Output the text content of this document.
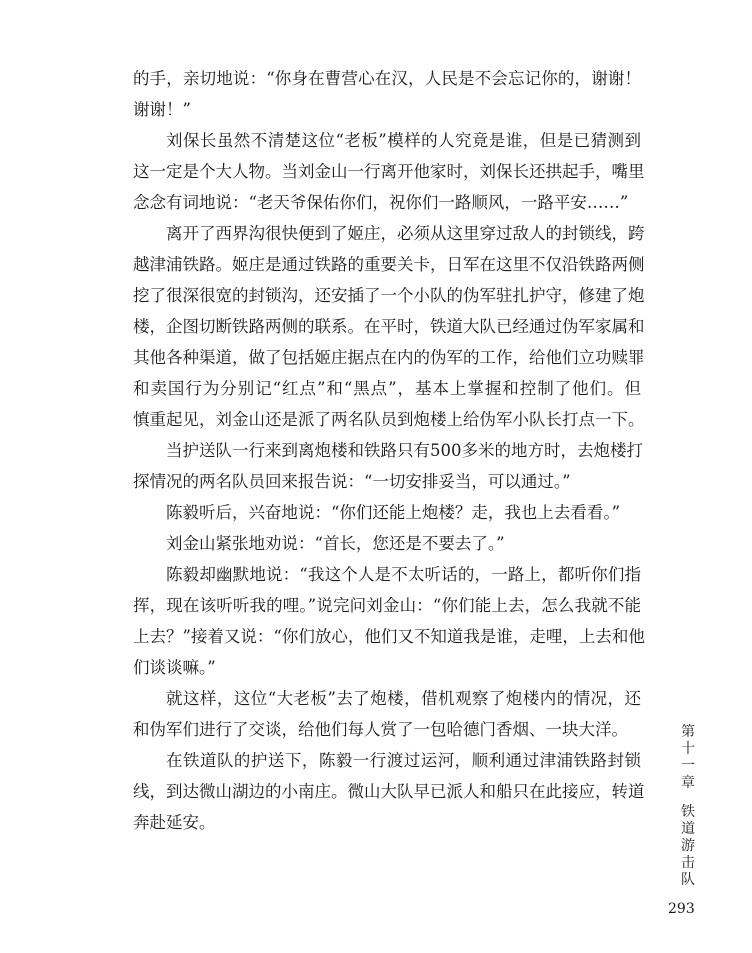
的手，亲切地说：“你身在曹营心在汉，人民是不会忘记你的，谢谢！
谢谢！”
刘保长虽然不清楚这位“老板”模样的人究竟是谁，但是已猜测到
这一定是个大人物。当刘金山一行离开他家时，刘保长还拱起手，嘴里
念念有词地说：“老天爷保佑你们，祝你们一路顺风，一路平安……”
离开了西界沟很快便到了姬庄，必须从这里穿过敌人的封锁线，跨
越津浦铁路。姬庄是通过铁路的重要关卡，日军在这里不仅沿铁路两侧
挖了很深很宽的封锁沟，还安插了一个小队的伪军驻扎护守，修建了炮
楼，企图切断铁路两侧的联系。在平时，铁道大队已经通过伪军家属和
其他各种渠道，做了包括姬庄据点在内的伪军的工作，给他们立功赎罪
和卖国行为分别记“红点”和“黑点”，基本上掌握和控制了他们。但
慎重起见，刘金山还是派了两名队员到炮楼上给伪军小队长打点一下。
当护送队一行来到离炮楼和铁路只有500多米的地方时，去炮楼打
探情况的两名队员回来报告说：“一切安排妥当，可以通过。”
陈毅听后，兴奋地说：“你们还能上炮楼？走，我也上去看看。”
刘金山紧张地劝说：“首长，您还是不要去了。”
陈毅却幽默地说：“我这个人是不太听话的，一路上，都听你们指
挥，现在该听听我的哩。”说完问刘金山：“你们能上去，怎么我就不能
上去？”接着又说：“你们放心，他们又不知道我是谁，走哩，上去和他
们谈谈嘛。”
就这样，这位“大老板”去了炮楼，借机观察了炮楼内的情况，还
和伪军们进行了交谈，给他们每人赏了一包哈德门香烟、一块大洋。
在铁道队的护送下，陈毅一行渡过运河，顺利通过津浦铁路封锁
线，到达微山湖边的小南庄。微山大队早已派人和船只在此接应，转道
奔赴延安。
第
十
一
章
铁
道
游
击
队
293
